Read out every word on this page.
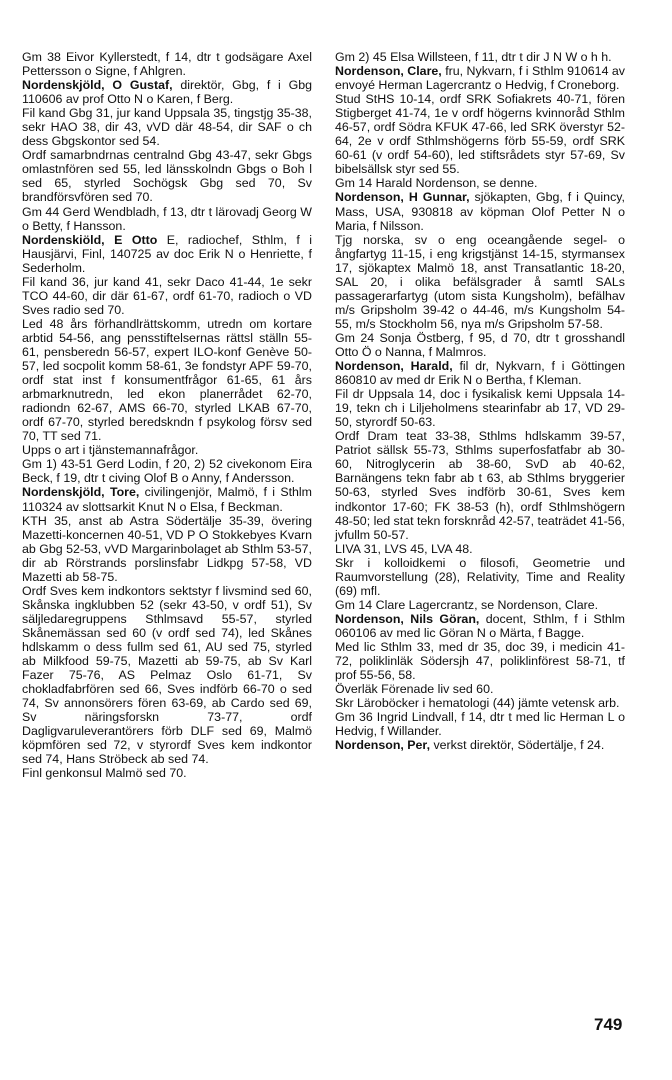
Gm 38 Eivor Kyllerstedt, f 14, dtr t godsägare Axel Pettersson o Signe, f Ahlgren.

Nordenskjöld, O Gustaf, direktör, Gbg, f i Gbg 110606 av prof Otto N o Karen, f Berg.

Fil kand Gbg 31, jur kand Uppsala 35, tingstjg 35-38, sekr HAO 38, dir 43, vVD där 48-54, dir SAF o ch dess Gbgskontor sed 54.

Ordf samarbndrnas centralnd Gbg 43-47, sekr Gbgs omlastnfören sed 55, led länsskolndn Gbgs o Boh l sed 65, styrled Sochögsk Gbg sed 70, Sv brandförsvfören sed 70.

Gm 44 Gerd Wendbladh, f 13, dtr t lärovadj Georg W o Betty, f Hansson.

Nordenskiöld, E Otto E, radiochef, Sthlm, f i Hausjärvi, Finl, 140725 av doc Erik N o Henriette, f Sederholm.

Fil kand 36, jur kand 41, sekr Daco 41-44, 1e sekr TCO 44-60, dir där 61-67, ordf 61-70, radioch o VD Sves radio sed 70.

Led 48 års förhandlrättskomm, utredn om kortare arbtid 54-56, ang pensstiftelsernas rättsl ställn 55-61, pensberedn 56-57, expert ILO-konf Genève 50-57, led socpolit komm 58-61, 3e fondstyr APF 59-70, ordf stat inst f konsumentfrågor 61-65, 61 års arbmarknutredn, led ekon planerrådet 62-70, radiondn 62-67, AMS 66-70, styrled LKAB 67-70, ordf 67-70, styrled beredskndn f psykolog försv sed 70, TT sed 71.

Upps o art i tjänstemannafrågor.

Gm 1) 43-51 Gerd Lodin, f 20, 2) 52 civekonom Eira Beck, f 19, dtr t civing Olof B o Anny, f Andersson.

Nordenskjöld, Tore, civilingenjör, Malmö, f i Sthlm 110324 av slottsarkit Knut N o Elsa, f Beckman.

KTH 35, anst ab Astra Södertälje 35-39, övering Mazetti-koncernen 40-51, VD P O Stokkebyes Kvarn ab Gbg 52-53, vVD Margarinbolaget ab Sthlm 53-57, dir ab Rörstrands porslinsfabr Lidkpg 57-58, VD Mazetti ab 58-75.

Ordf Sves kem indkontors sektstyr f livsmind sed 60, Skånska ingklubben 52 (sekr 43-50, v ordf 51), Sv säljledaregruppens Sthlmsavd 55-57, styrled Skånemässan sed 60 (v ordf sed 74), led Skånes hdlskamm o dess fullm sed 61, AU sed 75, styrled ab Milkfood 59-75, Mazetti ab 59-75, ab Sv Karl Fazer 75-76, AS Pelmaz Oslo 61-71, Sv chokladfabrfören sed 66, Sves indförb 66-70 o sed 74, Sv annonsörers fören 63-69, ab Cardo sed 69, Sv näringsforskn 73-77, ordf Dagligvaruleverantörers förb DLF sed 69, Malmö köpmfören sed 72, v styrordf Sves kem indkontor sed 74, Hans Ströbeck ab sed 74.

Finl genkonsul Malmö sed 70.

Gm 2) 45 Elsa Willsteen, f 11, dtr t dir J N W o h h.

Nordenson, Clare, fru, Nykvarn, f i Sthlm 910614 av envoyé Herman Lagercrantz o Hedvig, f Croneborg.

Stud StHS 10-14, ordf SRK Sofiakrets 40-71, fören Stigberget 41-74, 1e v ordf högerns kvinnoråd Sthlm 46-57, ordf Södra KFUK 47-66, led SRK överstyr 52-64, 2e v ordf Sthlmshögerns förb 55-59, ordf SRK 60-61 (v ordf 54-60), led stiftsrådets styr 57-69, Sv bibelsällsk styr sed 55.

Gm 14 Harald Nordenson, se denne.

Nordenson, H Gunnar, sjökapten, Gbg, f i Quincy, Mass, USA, 930818 av köpman Olof Petter N o Maria, f Nilsson.

Tjg norska, sv o eng oceangående segel- o ångfartyg 11-15, i eng krigstjänst 14-15, styrmansex 17, sjökaptex Malmö 18, anst Transatlantic 18-20, SAL 20, i olika befälsgrader å samtl SALs passagerarfartyg (utom sista Kungsholm), befälhav m/s Gripsholm 39-42 o 44-46, m/s Kungsholm 54-55, m/s Stockholm 56, nya m/s Gripsholm 57-58.

Gm 24 Sonja Östberg, f 95, d 70, dtr t grosshandl Otto Ö o Nanna, f Malmros.

Nordenson, Harald, fil dr, Nykvarn, f i Göttingen 860810 av med dr Erik N o Bertha, f Kleman.

Fil dr Uppsala 14, doc i fysikalisk kemi Uppsala 14-19, tekn ch i Liljeholmens stearinfabr ab 17, VD 29-50, styrordf 50-63.

Ordf Dram teat 33-38, Sthlms hdlskamm 39-57, Patriot sällsk 55-73, Sthlms superfosfatfabr ab 30-60, Nitroglycerin ab 38-60, SvD ab 40-62, Barnängens tekn fabr ab t 63, ab Sthlms bryggerier 50-63, styrled Sves indförb 30-61, Sves kem indkontor 17-60; FK 38-53 (h), ordf Sthlmshögern 48-50; led stat tekn forsknråd 42-57, teaträdet 41-56, jvfullm 50-57.

LIVA 31, LVS 45, LVA 48.

Skr i kolloidkemi o filosofi, Geometrie und Raumvorstellung (28), Relativity, Time and Reality (69) mfl.

Gm 14 Clare Lagercrantz, se Nordenson, Clare.

Nordenson, Nils Göran, docent, Sthlm, f i Sthlm 060106 av med lic Göran N o Märta, f Bagge.

Med lic Sthlm 33, med dr 35, doc 39, i medicin 41-72, poliklinläk Södersjh 47, poliklinförest 58-71, tf prof 55-56, 58.

Överläk Förenade liv sed 60.

Skr Läroböcker i hematologi (44) jämte vetensk arb.

Gm 36 Ingrid Lindvall, f 14, dtr t med lic Herman L o Hedvig, f Willander.

Nordenson, Per, verkst direktör, Södertälje, f 24.

749
